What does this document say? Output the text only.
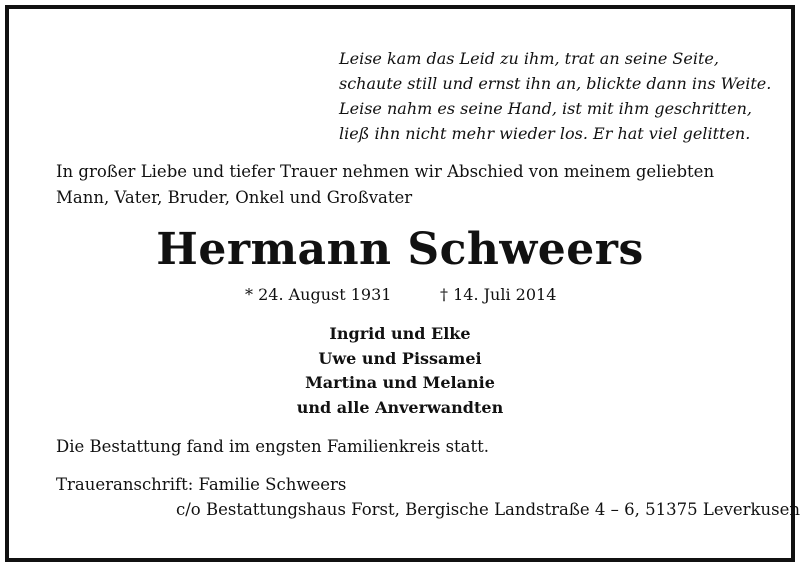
Leise kam das Leid zu ihm, trat an seine Seite,
schaute still und ernst ihn an, blickte dann ins Weite.
Leise nahm es seine Hand, ist mit ihm geschritten,
ließ ihn nicht mehr wieder los. Er hat viel gelitten.
In großer Liebe und tiefer Trauer nehmen wir Abschied von meinem geliebten Mann, Vater, Bruder, Onkel und Großvater
Hermann Schweers
* 24. August 1931	† 14. Juli 2014
Ingrid und Elke
Uwe und Pissamei
Martina und Melanie
und alle Anverwandten
Die Bestattung fand im engsten Familienkreis statt.
Traueranschrift: Familie Schweers
c/o Bestattungshaus Forst, Bergische Landstraße 4 – 6, 51375 Leverkusen
